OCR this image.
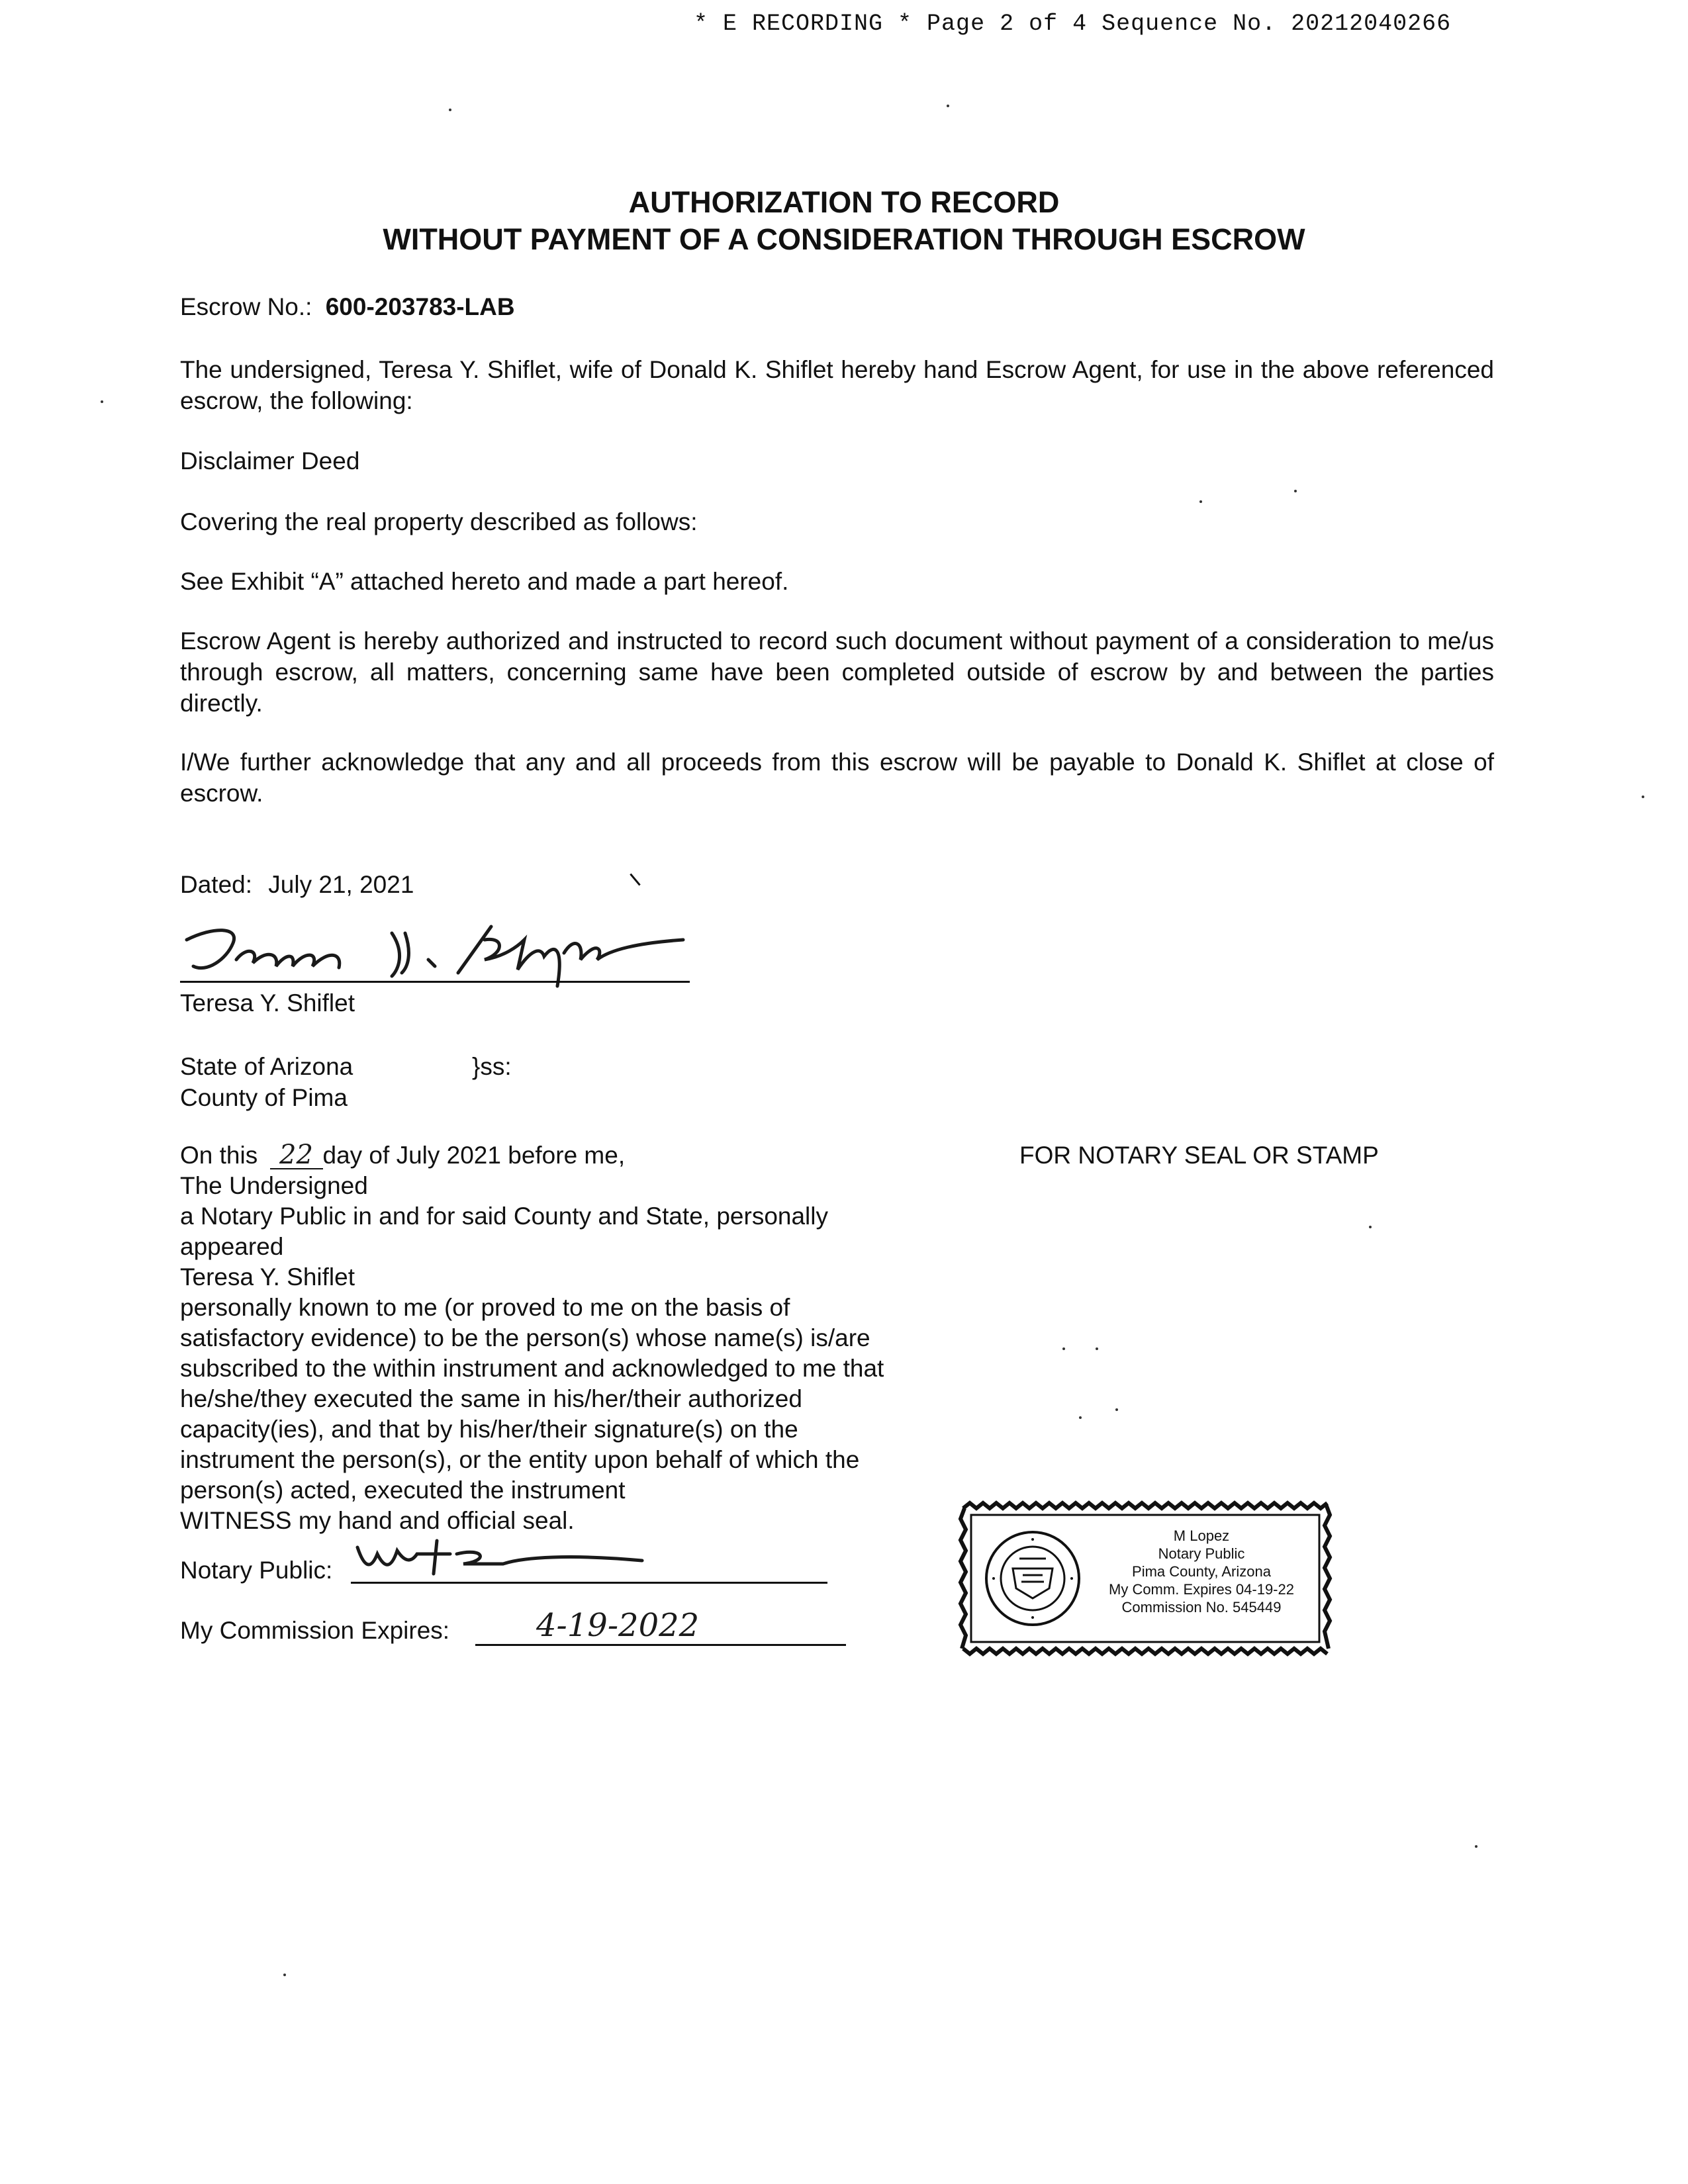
* E RECORDING * Page 2 of 4 Sequence No. 20212040266
AUTHORIZATION TO RECORD
WITHOUT PAYMENT OF A CONSIDERATION THROUGH ESCROW
Escrow No.: 600-203783-LAB
The undersigned, Teresa Y. Shiflet, wife of Donald K. Shiflet hereby hand Escrow Agent, for use in the above referenced escrow, the following:
Disclaimer Deed
Covering the real property described as follows:
See Exhibit “A” attached hereto and made a part hereof.
Escrow Agent is hereby authorized and instructed to record such document without payment of a consideration to me/us through escrow, all matters, concerning same have been completed outside of escrow by and between the parties directly.
I/We further acknowledge that any and all proceeds from this escrow will be payable to Donald K. Shiflet at close of escrow.
Dated: July 21, 2021
Teresa Y. Shiflet
State of Arizona	}ss:
County of Pima
On this 22 day of July 2021 before me,
The Undersigned
a Notary Public in and for said County and State, personally
appeared
Teresa Y. Shiflet
personally known to me (or proved to me on the basis of
satisfactory evidence) to be the person(s) whose name(s) is/are
subscribed to the within instrument and acknowledged to me that
he/she/they executed the same in his/her/their authorized
capacity(ies), and that by his/her/their signature(s) on the
instrument the person(s), or the entity upon behalf of which the
person(s) acted, executed the instrument
WITNESS my hand and official seal.
Notary Public:
My Commission Expires:	4-19-2022
FOR NOTARY SEAL OR STAMP
M Lopez
Notary Public
Pima County, Arizona
My Comm. Expires 04-19-22
Commission No. 545449
